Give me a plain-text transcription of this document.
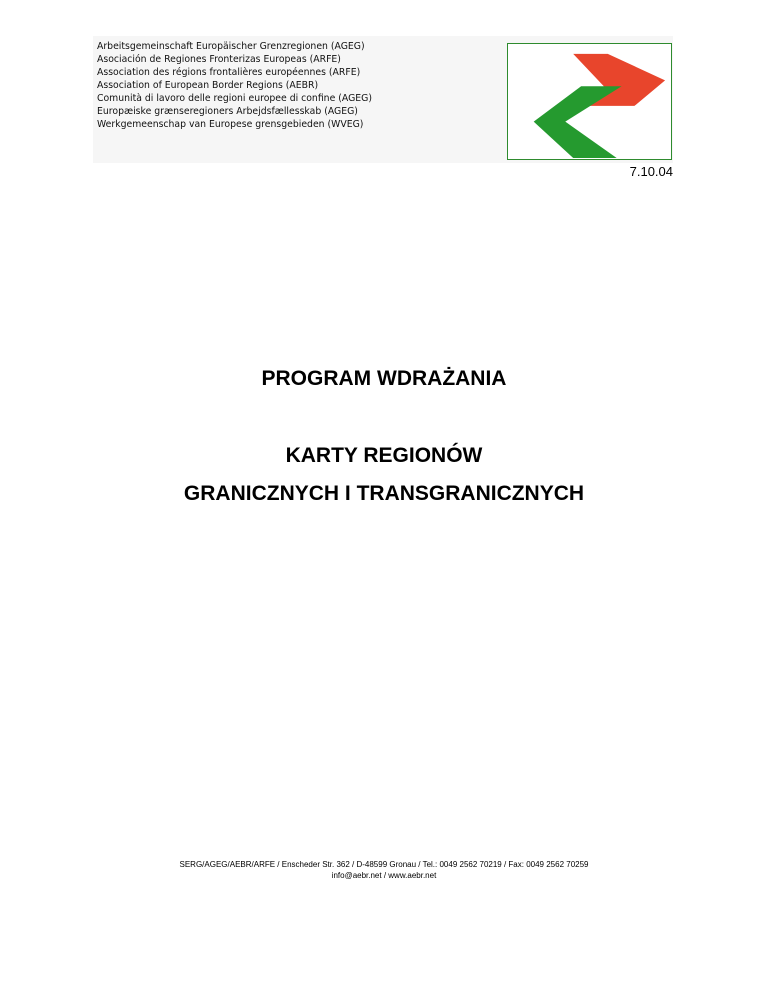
Arbeitsgemeinschaft Europäischer Grenzregionen (AGEG)
Asociación de Regiones Fronterizas Europeas (ARFE)
Association des régions frontalières européennes (ARFE)
Association of European Border Regions (AEBR)
Comunità di lavoro delle regioni europee di confine (AGEG)
Europæiske grænseregioners Arbejdsfællesskab (AGEG)
Werkgemeenschap van Europese grensgebieden (WVEG)
7.10.04
PROGRAM WDRAŻANIA
KARTY REGIONÓW
GRANICZNYCH I TRANSGRANICZNYCH
SERG/AGEG/AEBR/ARFE / Enscheder Str. 362 / D-48599 Gronau / Tel.: 0049 2562 70219 / Fax: 0049 2562 70259
info@aebr.net / www.aebr.net
